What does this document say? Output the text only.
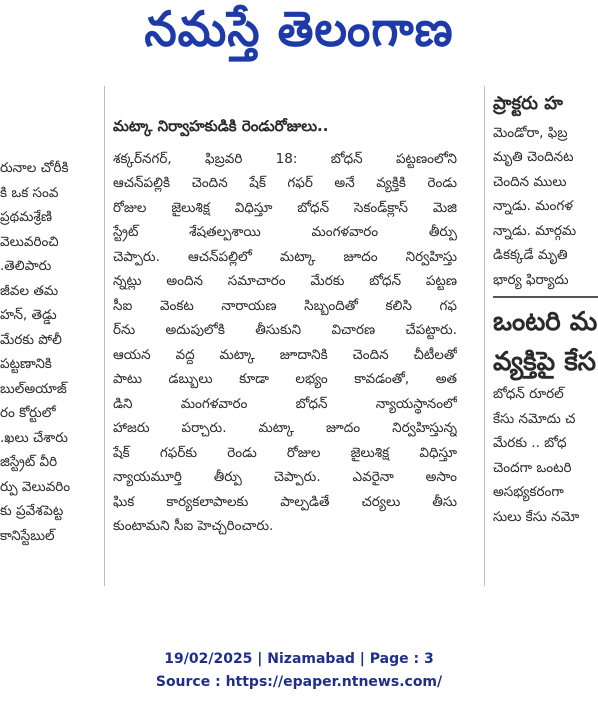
నమస్తే తెలంగాణ
రునాల చోరీకి
కి ఒక సంవ
ప్రథమశ్రేణి
వెలువరించి
తెలిపారు.
జీవల తమ
హన్, తెడ్డు
మేరకు పోలీ
పట్టణానికి
బుల్అయాజ్
రం కోర్టులో
ఖలు చేశారు.
జిస్ట్రేట్ వీరి
ర్పు వెలువరిం
కు ప్రవేశపెట్ట
కానిస్టేబుల్
మట్కా నిర్వాహకుడికి రెండురోజులు..
శక్కర్‌నగర్, ఫిబ్రవరి 18: బోధన్ పట్టణంలోని
ఆచన్‌పల్లికి చెందిన షేక్ గఫర్ అనే వ్యక్తికి రెండు
రోజుల జైలుశిక్ష విధిస్తూ బోధన్ సెకండ్‌క్లాస్ మెజి
స్ట్రేట్ శేషతల్పశాయి మంగళవారం తీర్పు
చెప్పారు. ఆచన్‌పల్లిలో మట్కా జూదం నిర్వహిస్తు
న్నట్లు అందిన సమాచారం మేరకు బోధన్ పట్టణ
సీఐ వెంకట నారాయణ సిబ్బందితో కలిసి గఫ
ర్‌ను అదుపులోకి తీసుకుని విచారణ చేపట్టారు.
ఆయన వద్ద మట్కా జూదానికి చెందిన చీటీలతో
పాటు డబ్బులు కూడా లభ్యం కావడంతో, అత
డిని మంగళవారం బోధన్ న్యాయస్థానంలో
హాజరు పర్చారు. మట్కా జూదం నిర్వహిస్తున్న
షేక్ గఫర్‌కు రెండు రోజుల జైలుశిక్ష విధిస్తూ
న్యాయమూర్తి తీర్పు చెప్పారు. ఎవరైనా అసాం
ఘిక కార్యకలాపాలకు పాల్పడితే చర్యలు తీసు
కుంటామని సీఐ హెచ్చరించారు.
ప్రాక్టరు హ
మెండోరా, ఫిబ్ర
మృతి చెందినట
చెందిన ములు
న్నాడు. మంగళ
న్నాడు. మార్గమ
డికక్కడే మృతి
భార్య ఫిర్యాదు
ఒంటరి మ
వ్యక్తిపై కేస
బోధన్ రూరల్
కేసు నమోదు చ
మేరకు .. బోధ
చెందగా ఒంటరి
అసభ్యకరంగా
సులు కేసు నమో
19/02/2025 | Nizamabad | Page : 3
Source : https://epaper.ntnews.com/
